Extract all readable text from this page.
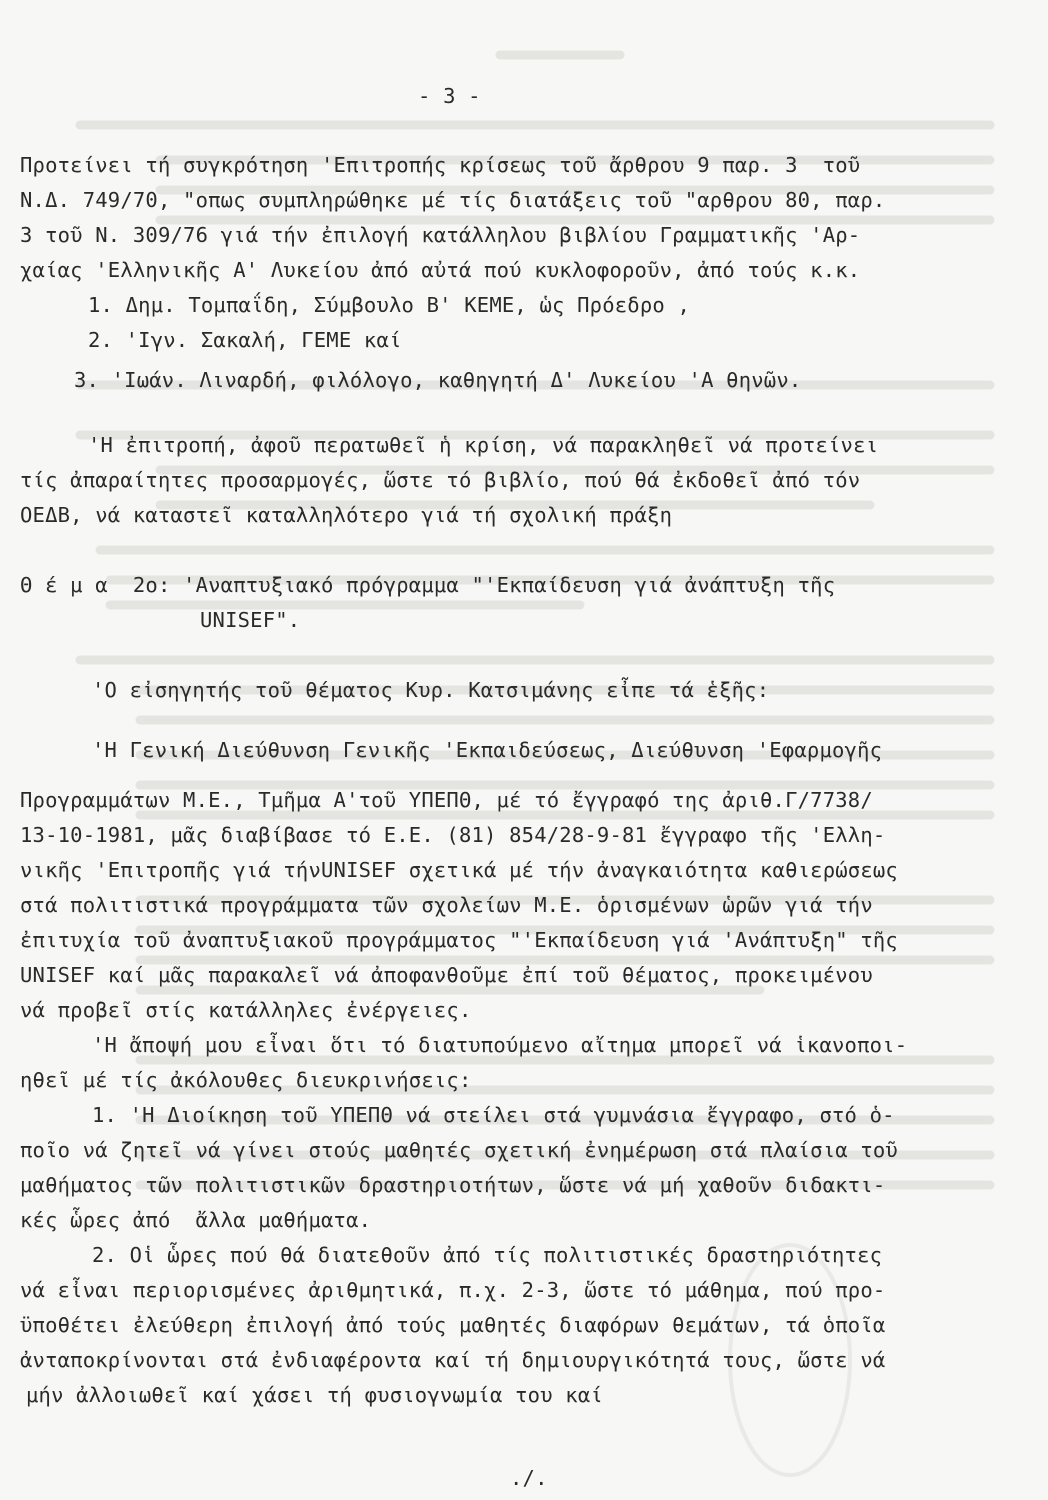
- 3 -
Προτείνει τή συγκρότηση 'Επιτροπής κρίσεως τοῦ ἄρθρου 9 παρ. 3  τοῦ
Ν.Δ. 749/70, "οπως συμπληρώθηκε μέ τίς διατάξεις τοῦ "αρθρου 80, παρ.
3 τοῦ Ν. 309/76 γιά τήν ἐπιλογή κατάλληλου βιβλίου Γραμματικῆς 'Αρ-
χαίας 'Ελληνικῆς Α' Λυκείου ἀπό αὐτά πού κυκλοφοροῦν, ἀπό τούς κ.κ.
1. Δημ. Τομπαΐδη, Σύμβουλο Β' ΚΕΜΕ, ὡς Πρόεδρο ,
2. 'Ιγν. Σακαλή, ΓΕΜΕ καί
3. 'Ιωάν. Λιναρδή, φιλόλογο, καθηγητή Δ' Λυκείου 'Α θηνῶν.
'Η ἐπιτροπή, ἀφοῦ περατωθεῖ ἡ κρίση, νά παρακληθεῖ νά προτείνει
τίς ἀπαραίτητες προσαρμογές, ὥστε τό βιβλίο, πού θά ἐκδοθεῖ ἀπό τόν
ΟΕΔΒ, νά καταστεῖ καταλληλότερο γιά τή σχολική πράξη
Θ έ μ α  2ο: 'Αναπτυξιακό πρόγραμμα "'Εκπαίδευση γιά ἀνάπτυξη τῆς
UNISEF".
'Ο εἰσηγητής τοῦ θέματος Κυρ. Κατσιμάνης εἶπε τά ἑξῆς:
'Η Γενική Διεύθυνση Γενικῆς 'Εκπαιδεύσεως, Διεύθυνση 'Εφαρμογῆς
Προγραμμάτων Μ.Ε., Τμῆμα Α'τοῦ ΥΠΕΠΘ, μέ τό ἔγγραφό της ἀριθ.Γ/7738/
13-10-1981, μᾶς διαβίβασε τό Ε.Ε. (81) 854/28-9-81 ἔγγραφο τῆς 'Ελλη-
νικῆς 'Επιτροπῆς γιά τήνUNISEF σχετικά μέ τήν ἀναγκαιότητα καθιερώσεως
στά πολιτιστικά προγράμματα τῶν σχολείων Μ.Ε. ὁρισμένων ὡρῶν γιά τήν
ἐπιτυχία τοῦ ἀναπτυξιακοῦ προγράμματος "'Εκπαίδευση γιά 'Ανάπτυξη" τῆς
UNISEF καί μᾶς παρακαλεῖ νά ἀποφανθοῦμε ἐπί τοῦ θέματος, προκειμένου
νά προβεῖ στίς κατάλληλες ἐνέργειες.
'Η ἄποψή μου εἶναι ὅτι τό διατυπούμενο αἴτημα μπορεῖ νά ἱκανοποι-
ηθεῖ μέ τίς ἀκόλουθες διευκρινήσεις:
1. 'Η Διοίκηση τοῦ ΥΠΕΠΘ νά στείλει στά γυμνάσια ἔγγραφο, στό ὁ-
ποῖο νά ζητεῖ νά γίνει στούς μαθητές σχετική ἐνημέρωση στά πλαίσια τοῦ
μαθήματος τῶν πολιτιστικῶν δραστηριοτήτων, ὥστε νά μή χαθοῦν διδακτι-
κές ὧρες ἀπό  ἄλλα μαθήματα.
2. Οἱ ὧρες πού θά διατεθοῦν ἀπό τίς πολιτιστικές δραστηριότητες
νά εἶναι περιορισμένες ἀριθμητικά, π.χ. 2-3, ὥστε τό μάθημα, πού προ-
ϋποθέτει ἐλεύθερη ἐπιλογή ἀπό τούς μαθητές διαφόρων θεμάτων, τά ὁποῖα
ἀνταποκρίνονται στά ἐνδιαφέροντα καί τή δημιουργικότητά τους, ὥστε νά
μήν ἀλλοιωθεῖ καί χάσει τή φυσιογνωμία του καί
./.
